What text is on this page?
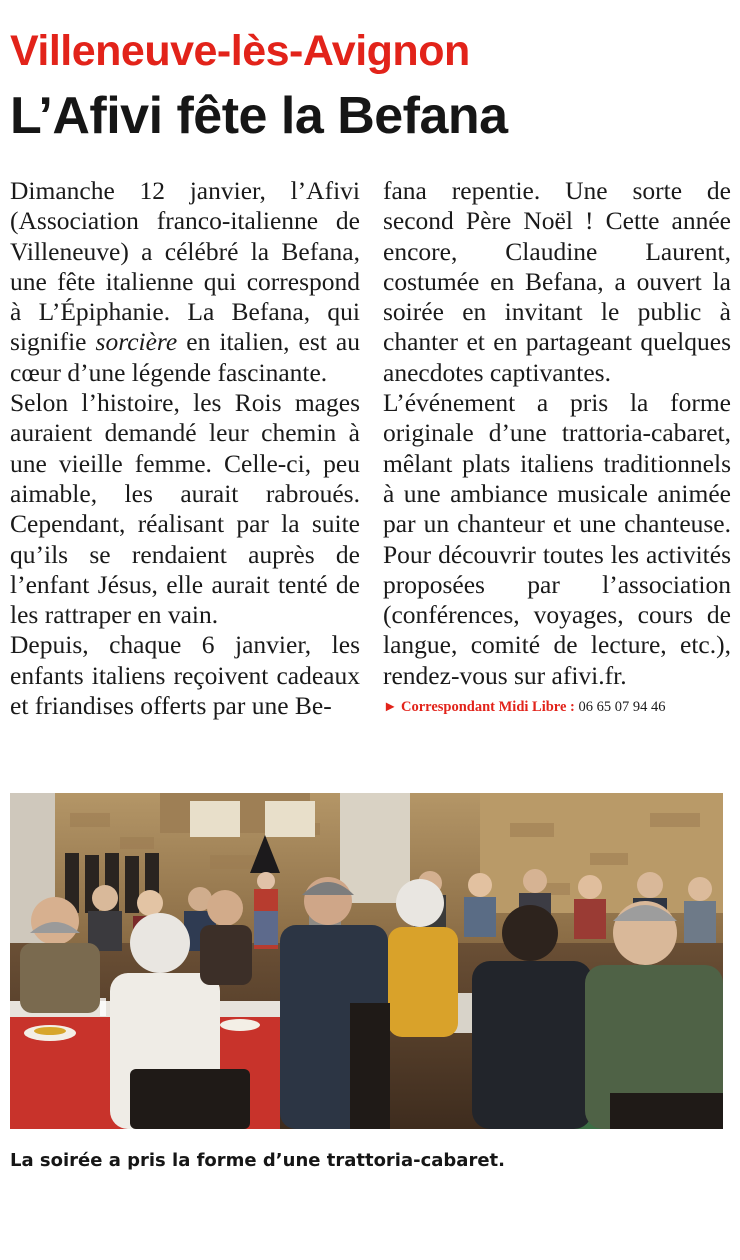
Villeneuve-lès-Avignon
L’Afivi fête la Befana

Dimanche 12 janvier, l’Afivi (Association franco-italienne de Villeneuve) a célébré la Befana, une fête italienne qui correspond à L’Épiphanie. La Befana, qui signifie sorcière en italien, est au cœur d’une légende fascinante.

Selon l’histoire, les Rois mages auraient demandé leur chemin à une vieille femme. Celle-ci, peu aimable, les aurait rabroués. Cependant, réalisant par la suite qu’ils se rendaient auprès de l’enfant Jésus, elle aurait tenté de les rattraper en vain.

Depuis, chaque 6 janvier, les enfants italiens reçoivent cadeaux et friandises offerts par une Be-

fana repentie. Une sorte de second Père Noël ! Cette année encore, Claudine Laurent, costumée en Befana, a ouvert la soirée en invitant le public à chanter et en partageant quelques anecdotes captivantes.

L’événement a pris la forme originale d’une trattoria-cabaret, mêlant plats italiens traditionnels à une ambiance musicale animée par un chanteur et une chanteuse. Pour découvrir toutes les activités proposées par l’association (conférences, voyages, cours de langue, comité de lecture, etc.), rendez-vous sur afivi.fr.

► Correspondant Midi Libre : 06 65 07 94 46
La soirée a pris la forme d’une trattoria-cabaret.
